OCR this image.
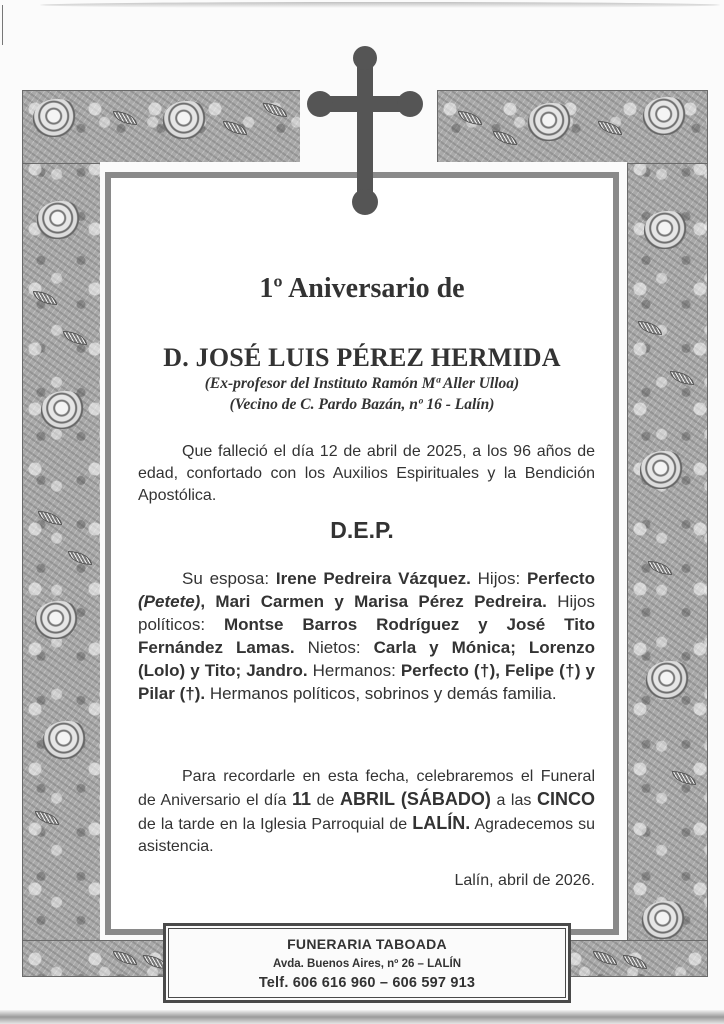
1º Aniversario de
D. JOSÉ LUIS PÉREZ HERMIDA
(Ex-profesor del Instituto Ramón Mª Aller Ulloa)
(Vecino de C. Pardo Bazán, nº 16 - Lalín)
Que falleció el día 12 de abril de 2025, a los 96 años de edad, confortado con los Auxilios Espirituales y la Bendición Apostólica.
D.E.P.
Su esposa: Irene Pedreira Vázquez. Hijos: Perfecto (Petete), Mari Carmen y Marisa Pérez Pedreira. Hijos políticos: Montse Barros Rodríguez y José Tito Fernández Lamas. Nietos: Carla y Mónica; Lorenzo (Lolo) y Tito; Jandro. Hermanos: Perfecto (†), Felipe (†) y Pilar (†). Hermanos políticos, sobrinos y demás familia.
Para recordarle en esta fecha, celebraremos el Funeral de Aniversario el día 11 de ABRIL (SÁBADO) a las CINCO de la tarde en la Iglesia Parroquial de LALÍN. Agradecemos su asistencia.
Lalín, abril de 2026.
FUNERARIA TABOADA
Avda. Buenos Aires, nº 26 – LALÍN
Telf. 606 616 960 – 606 597 913
